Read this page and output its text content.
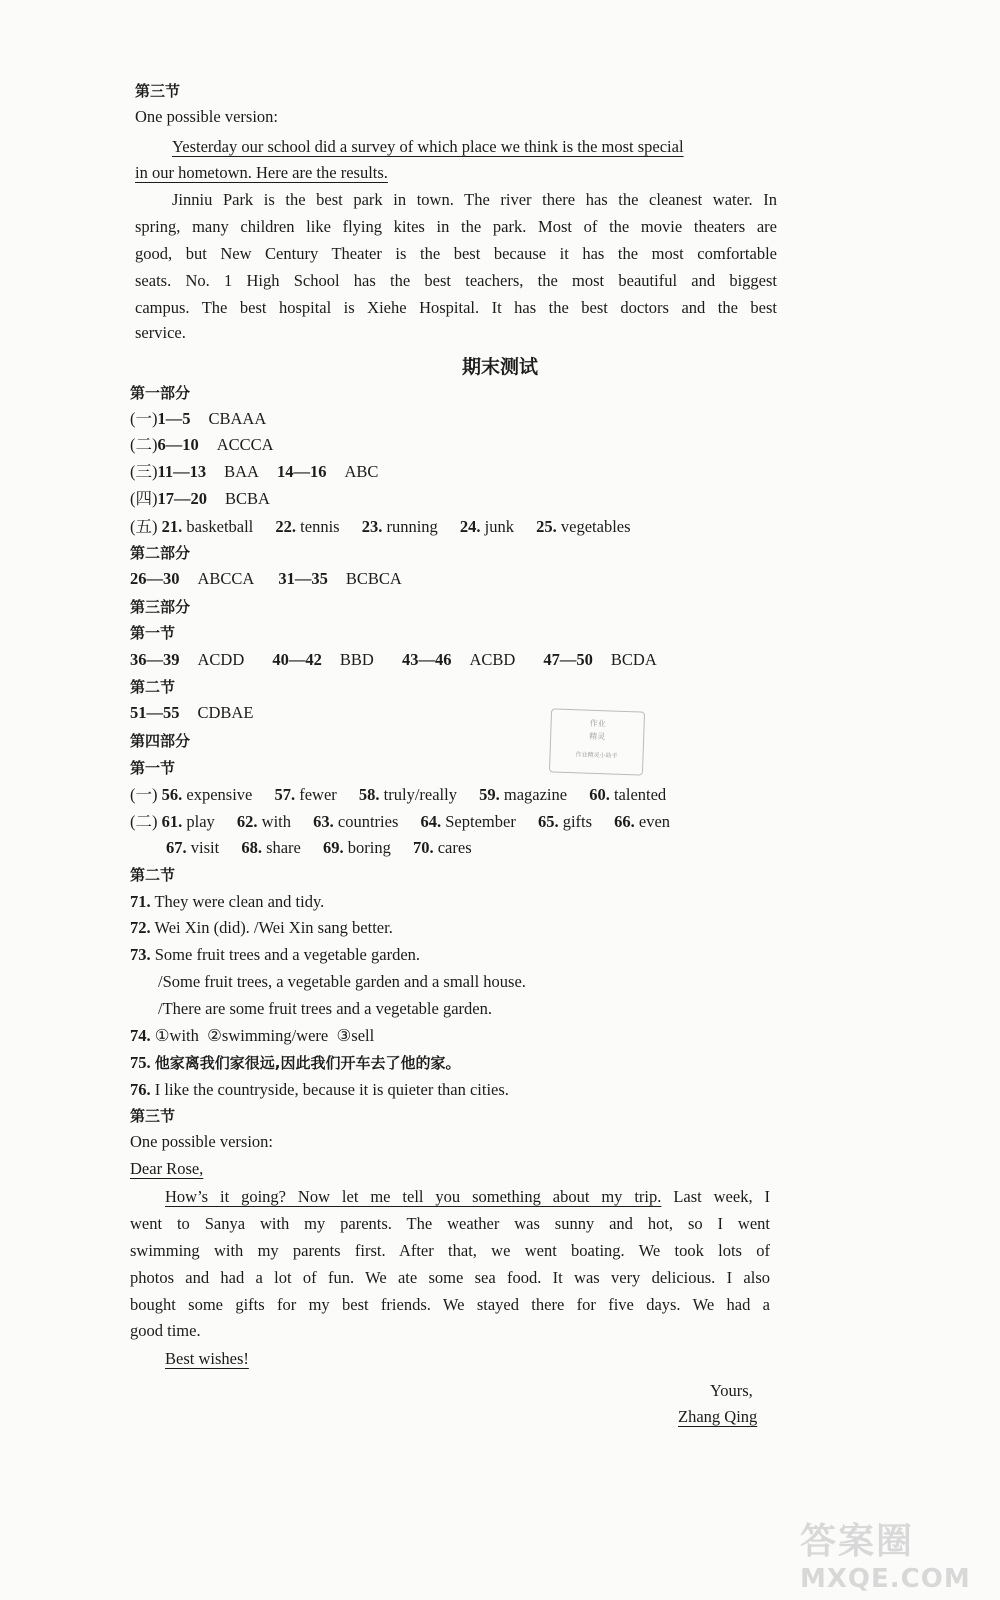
第三节
One possible version:
Yesterday our school did a survey of which place we think is the most special
in our hometown. Here are the results.
Jinniu Park is the best park in town. The river there has the cleanest water. In
spring, many children like flying kites in the park. Most of the movie theaters are
good, but New Century Theater is the best because it has the most comfortable
seats. No. 1 High School has the best teachers, the most beautiful and biggest
campus. The best hospital is Xiehe Hospital. It has the best doctors and the best
service.
期末测试
第一部分
(一)1—5 CBAAA
(二)6—10 ACCCA
(三)11—13 BAA 14—16 ABC
(四)17—20 BCBA
(五) 21. basketball 22. tennis 23. running 24. junk 25. vegetables
第二部分
26—30 ABCCA 31—35 BCBCA
第三部分
第一节
36—39 ACDD 40—42 BBD 43—46 ACBD 47—50 BCDA
第二节
51—55 CDBAE
作业
精灵
作业精灵小助手
第四部分
第一节
(一) 56. expensive 57. fewer 58. truly/really 59. magazine 60. talented
(二) 61. play 62. with 63. countries 64. September 65. gifts 66. even
67. visit 68. share 69. boring 70. cares
第二节
71. They were clean and tidy.
72. Wei Xin (did). /Wei Xin sang better.
73. Some fruit trees and a vegetable garden.
/Some fruit trees, a vegetable garden and a small house.
/There are some fruit trees and a vegetable garden.
74. ①with  ②swimming/were  ③sell
75. 他家离我们家很远,因此我们开车去了他的家。
76. I like the countryside, because it is quieter than cities.
第三节
One possible version:
Dear Rose,
How’s it going? Now let me tell you something about my trip. Last week, I
went to Sanya with my parents. The weather was sunny and hot, so I went
swimming with my parents first. After that, we went boating. We took lots of
photos and had a lot of fun. We ate some sea food. It was very delicious. I also
bought some gifts for my best friends. We stayed there for five days. We had a
good time.
Best wishes!
Yours,
Zhang Qing
答案圈
MXQE.COM
